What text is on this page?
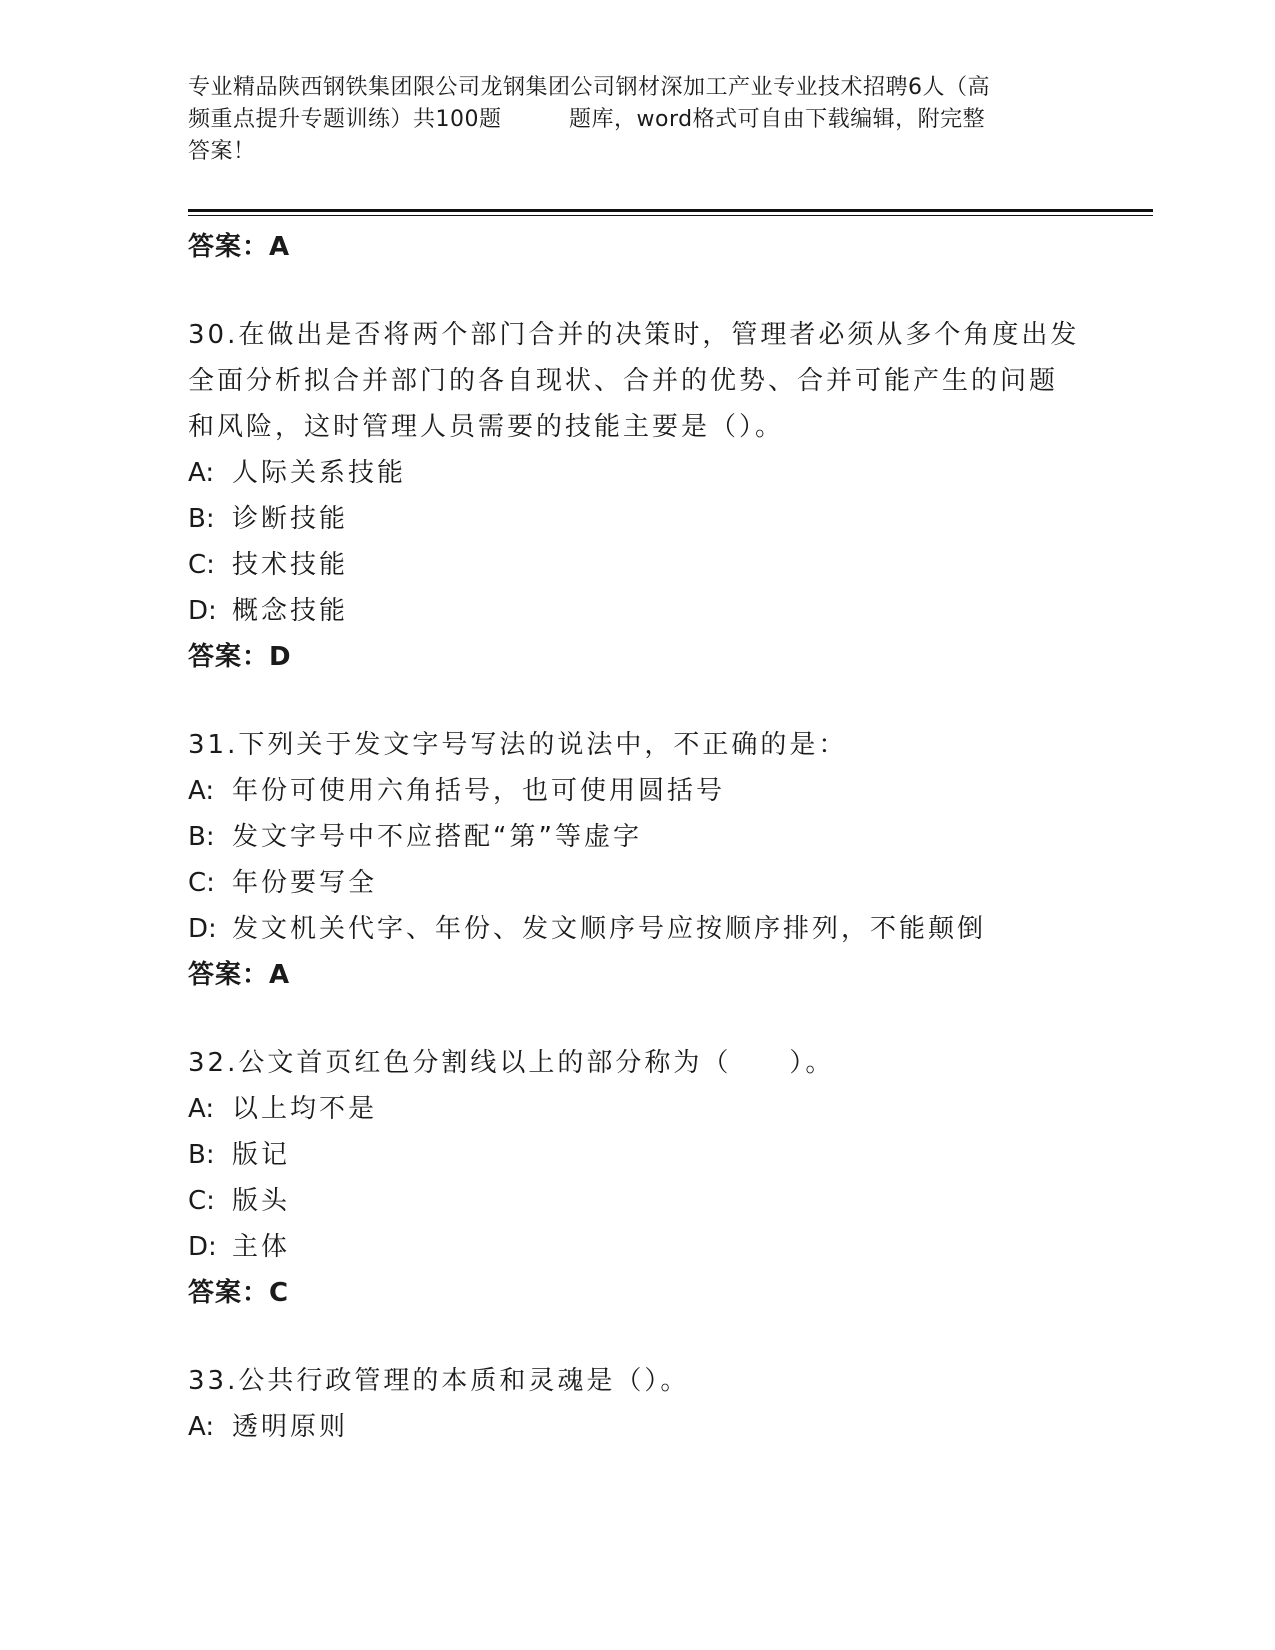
专业精品陕西钢铁集团限公司龙钢集团公司钢材深加工产业专业技术招聘6人（高
频重点提升专题训练）共100题　　　题库，word格式可自由下载编辑，附完整
答案！
答案：A
30.在做出是否将两个部门合并的决策时，管理者必须从多个角度出发
全面分析拟合并部门的各自现状、合并的优势、合并可能产生的问题
和风险，这时管理人员需要的技能主要是（）。
A: 人际关系技能
B: 诊断技能
C: 技术技能
D: 概念技能
答案：D
31.下列关于发文字号写法的说法中，不正确的是：
A: 年份可使用六角括号，也可使用圆括号
B: 发文字号中不应搭配“第”等虚字
C: 年份要写全
D: 发文机关代字、年份、发文顺序号应按顺序排列，不能颠倒
答案：A
32.公文首页红色分割线以上的部分称为（　　）。
A: 以上均不是
B: 版记
C: 版头
D: 主体
答案：C
33.公共行政管理的本质和灵魂是（）。
A: 透明原则
